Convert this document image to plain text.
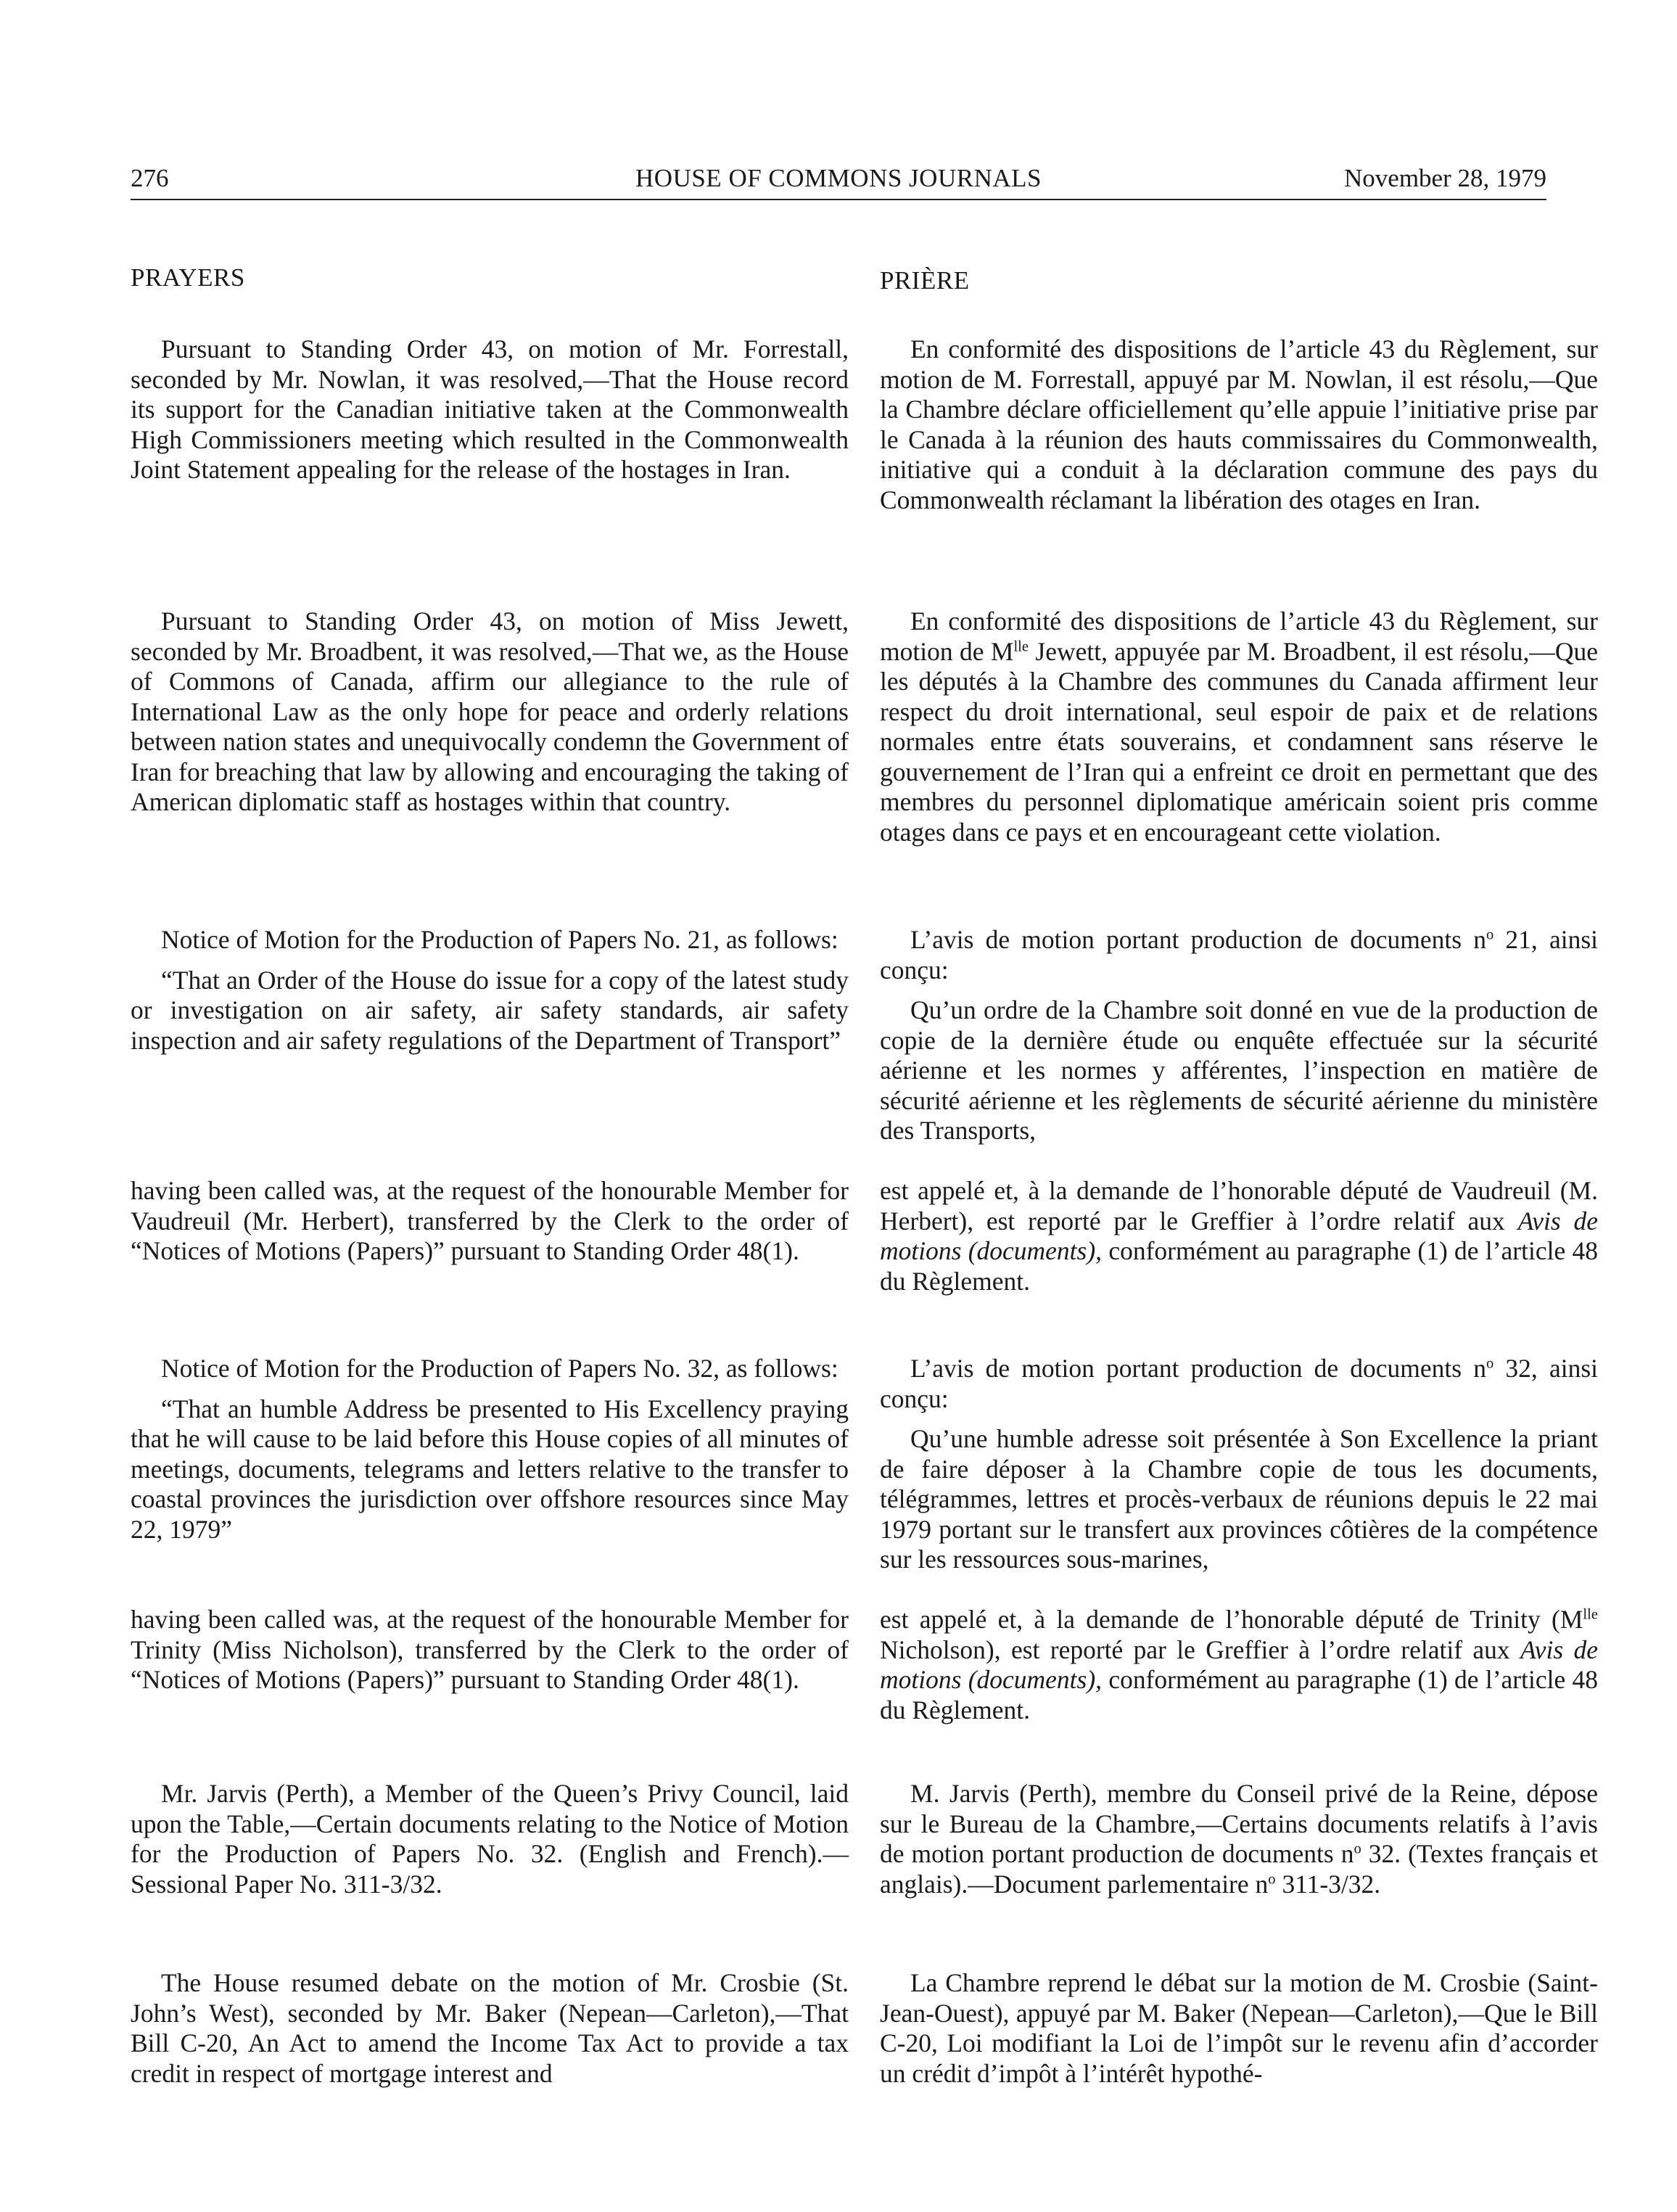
276	HOUSE OF COMMONS JOURNALS	November 28, 1979
PRAYERS

Pursuant to Standing Order 43, on motion of Mr. Forrestall, seconded by Mr. Nowlan, it was resolved,—That the House record its support for the Canadian initiative taken at the Commonwealth High Commissioners meeting which resulted in the Commonwealth Joint Statement appealing for the release of the hostages in Iran.

Pursuant to Standing Order 43, on motion of Miss Jewett, seconded by Mr. Broadbent, it was resolved,—That we, as the House of Commons of Canada, affirm our allegiance to the rule of International Law as the only hope for peace and orderly relations between nation states and unequivocally condemn the Government of Iran for breaching that law by allowing and encouraging the taking of American diplomatic staff as hostages within that country.

Notice of Motion for the Production of Papers No. 21, as follows:

“That an Order of the House do issue for a copy of the latest study or investigation on air safety, air safety standards, air safety inspection and air safety regulations of the Department of Transport”

having been called was, at the request of the honourable Member for Vaudreuil (Mr. Herbert), transferred by the Clerk to the order of “Notices of Motions (Papers)” pursuant to Standing Order 48(1).

Notice of Motion for the Production of Papers No. 32, as follows:

“That an humble Address be presented to His Excellency praying that he will cause to be laid before this House copies of all minutes of meetings, documents, telegrams and letters relative to the transfer to coastal provinces the jurisdiction over offshore resources since May 22, 1979”

having been called was, at the request of the honourable Member for Trinity (Miss Nicholson), transferred by the Clerk to the order of “Notices of Motions (Papers)” pursuant to Standing Order 48(1).

Mr. Jarvis (Perth), a Member of the Queen’s Privy Council, laid upon the Table,—Certain documents relating to the Notice of Motion for the Production of Papers No. 32. (English and French).—Sessional Paper No. 311-3/32.

The House resumed debate on the motion of Mr. Crosbie (St. John’s West), seconded by Mr. Baker (Nepean—Carleton),—That Bill C-20, An Act to amend the Income Tax Act to provide a tax credit in respect of mortgage interest and

PRIÈRE

En conformité des dispositions de l’article 43 du Règlement, sur motion de M. Forrestall, appuyé par M. Nowlan, il est résolu,—Que la Chambre déclare officiellement qu’elle appuie l’initiative prise par le Canada à la réunion des hauts commissaires du Commonwealth, initiative qui a conduit à la déclaration commune des pays du Commonwealth réclamant la libération des otages en Iran.

En conformité des dispositions de l’article 43 du Règlement, sur motion de $M^{lle}$ Jewett, appuyée par M. Broadbent, il est résolu,—Que les députés à la Chambre des communes du Canada affirment leur respect du droit international, seul espoir de paix et de relations normales entre états souverains, et condamnent sans réserve le gouvernement de l’Iran qui a enfreint ce droit en permettant que des membres du personnel diplomatique américain soient pris comme otages dans ce pays et en encourageant cette violation.

L’avis de motion portant production de documents $n^o$ 21, ainsi conçu:

Qu’un ordre de la Chambre soit donné en vue de la production de copie de la dernière étude ou enquête effectuée sur la sécurité aérienne et les normes y afférentes, l’inspection en matière de sécurité aérienne et les règlements de sécurité aérienne du ministère des Transports,

est appelé et, à la demande de l’honorable député de Vaudreuil (M. Herbert), est reporté par le Greffier à l’ordre relatif aux Avis de motions (documents), conformément au paragraphe (1) de l’article 48 du Règlement.

L’avis de motion portant production de documents $n^o$ 32, ainsi conçu:

Qu’une humble adresse soit présentée à Son Excellence la priant de faire déposer à la Chambre copie de tous les documents, télégrammes, lettres et procès-verbaux de réunions depuis le 22 mai 1979 portant sur le transfert aux provinces côtières de la compétence sur les ressources sous-marines,

est appelé et, à la demande de l’honorable député de Trinity ($M^{lle}$ Nicholson), est reporté par le Greffier à l’ordre relatif aux Avis de motions (documents), conformément au paragraphe (1) de l’article 48 du Règlement.

M. Jarvis (Perth), membre du Conseil privé de la Reine, dépose sur le Bureau de la Chambre,—Certains documents relatifs à l’avis de motion portant production de documents $n^o$ 32. (Textes français et anglais).—Document parlementaire $n^o$ 311-3/32.

La Chambre reprend le débat sur la motion de M. Crosbie (Saint-Jean-Ouest), appuyé par M. Baker (Nepean—Carleton),—Que le Bill C-20, Loi modifiant la Loi de l’impôt sur le revenu afin d’accorder un crédit d’impôt à l’intérêt hypothé-
